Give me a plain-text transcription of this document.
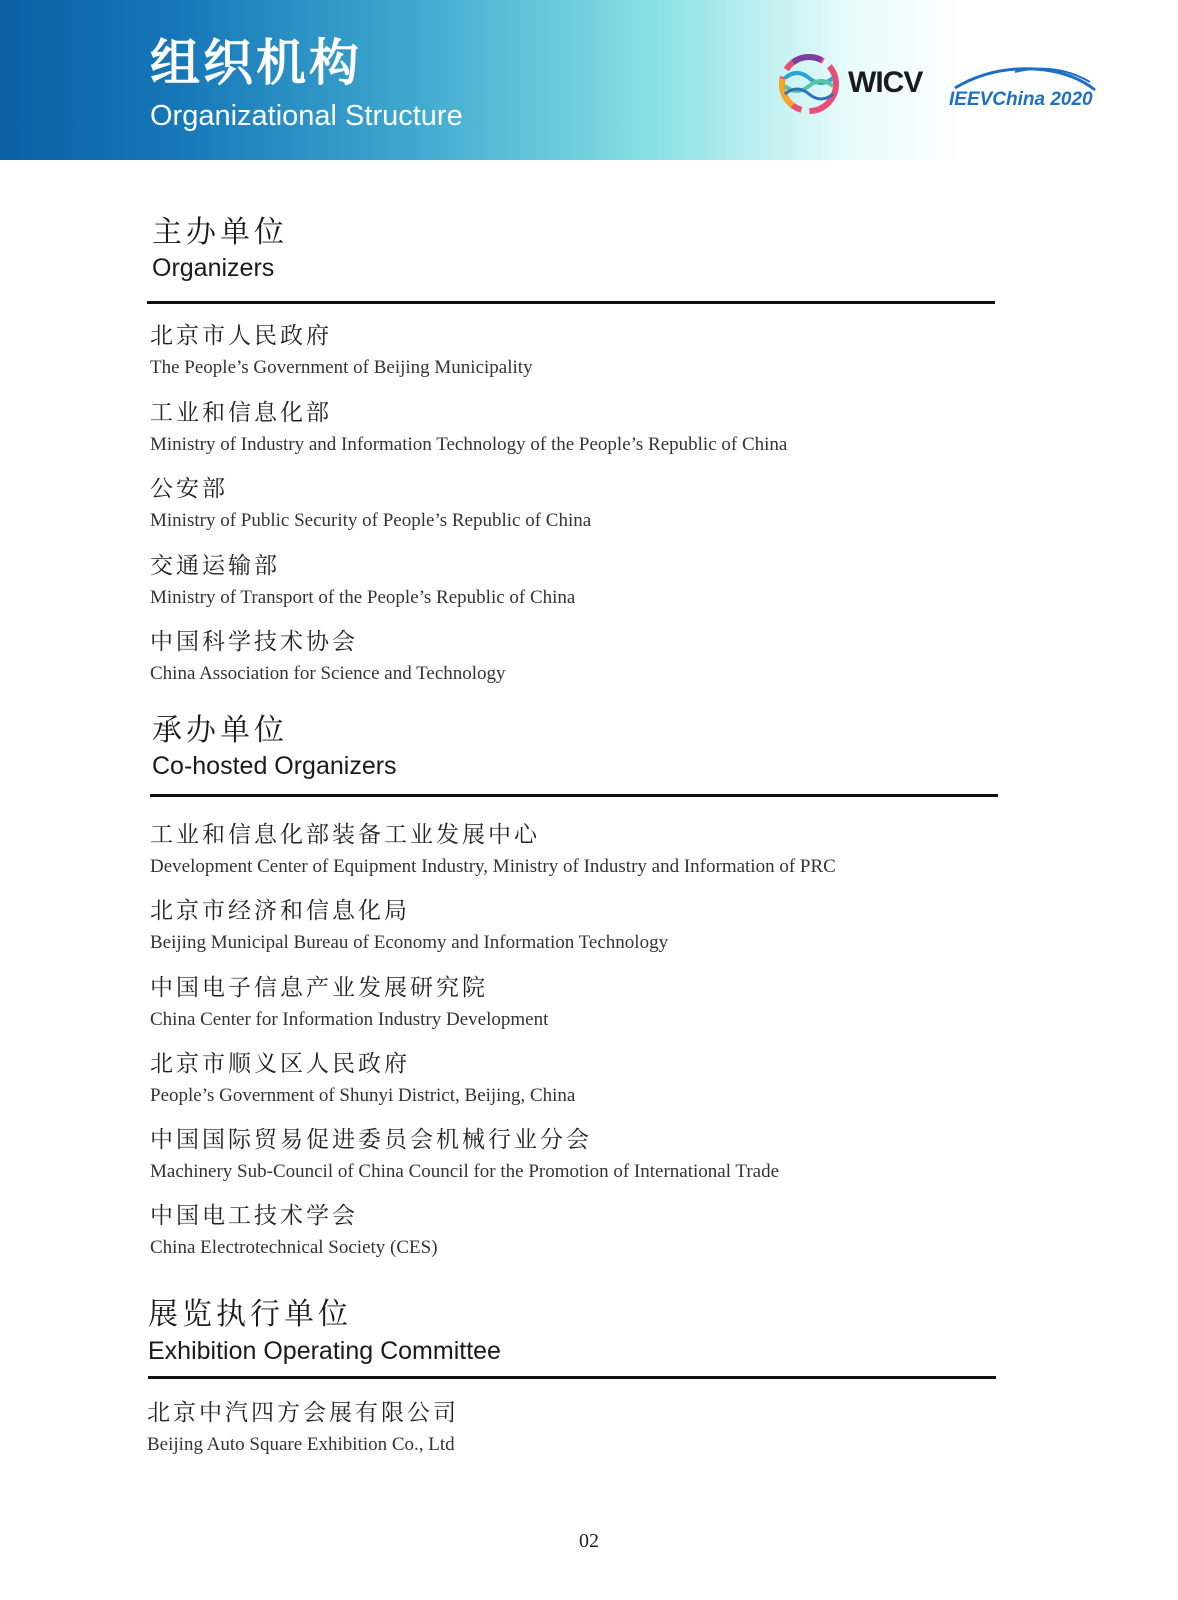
组织机构
Organizational Structure
WICV
IEEVChina 2020
主办单位
Organizers
北京市人民政府
The People’s Government of Beijing Municipality
工业和信息化部
Ministry of Industry and Information Technology of the People’s Republic of China
公安部
Ministry of Public Security of People’s Republic of China
交通运输部
Ministry of Transport of the People’s Republic of China
中国科学技术协会
China Association for Science and Technology
承办单位
Co-hosted Organizers
工业和信息化部装备工业发展中心
Development Center of Equipment Industry, Ministry of Industry and Information of PRC
北京市经济和信息化局
Beijing Municipal Bureau of Economy and Information Technology
中国电子信息产业发展研究院
China Center for Information Industry Development
北京市顺义区人民政府
People’s Government of Shunyi District, Beijing, China
中国国际贸易促进委员会机械行业分会
Machinery Sub-Council of China Council for the Promotion of International Trade
中国电工技术学会
China Electrotechnical Society (CES)
展览执行单位
Exhibition Operating Committee
北京中汽四方会展有限公司
Beijing Auto Square Exhibition Co., Ltd
02
